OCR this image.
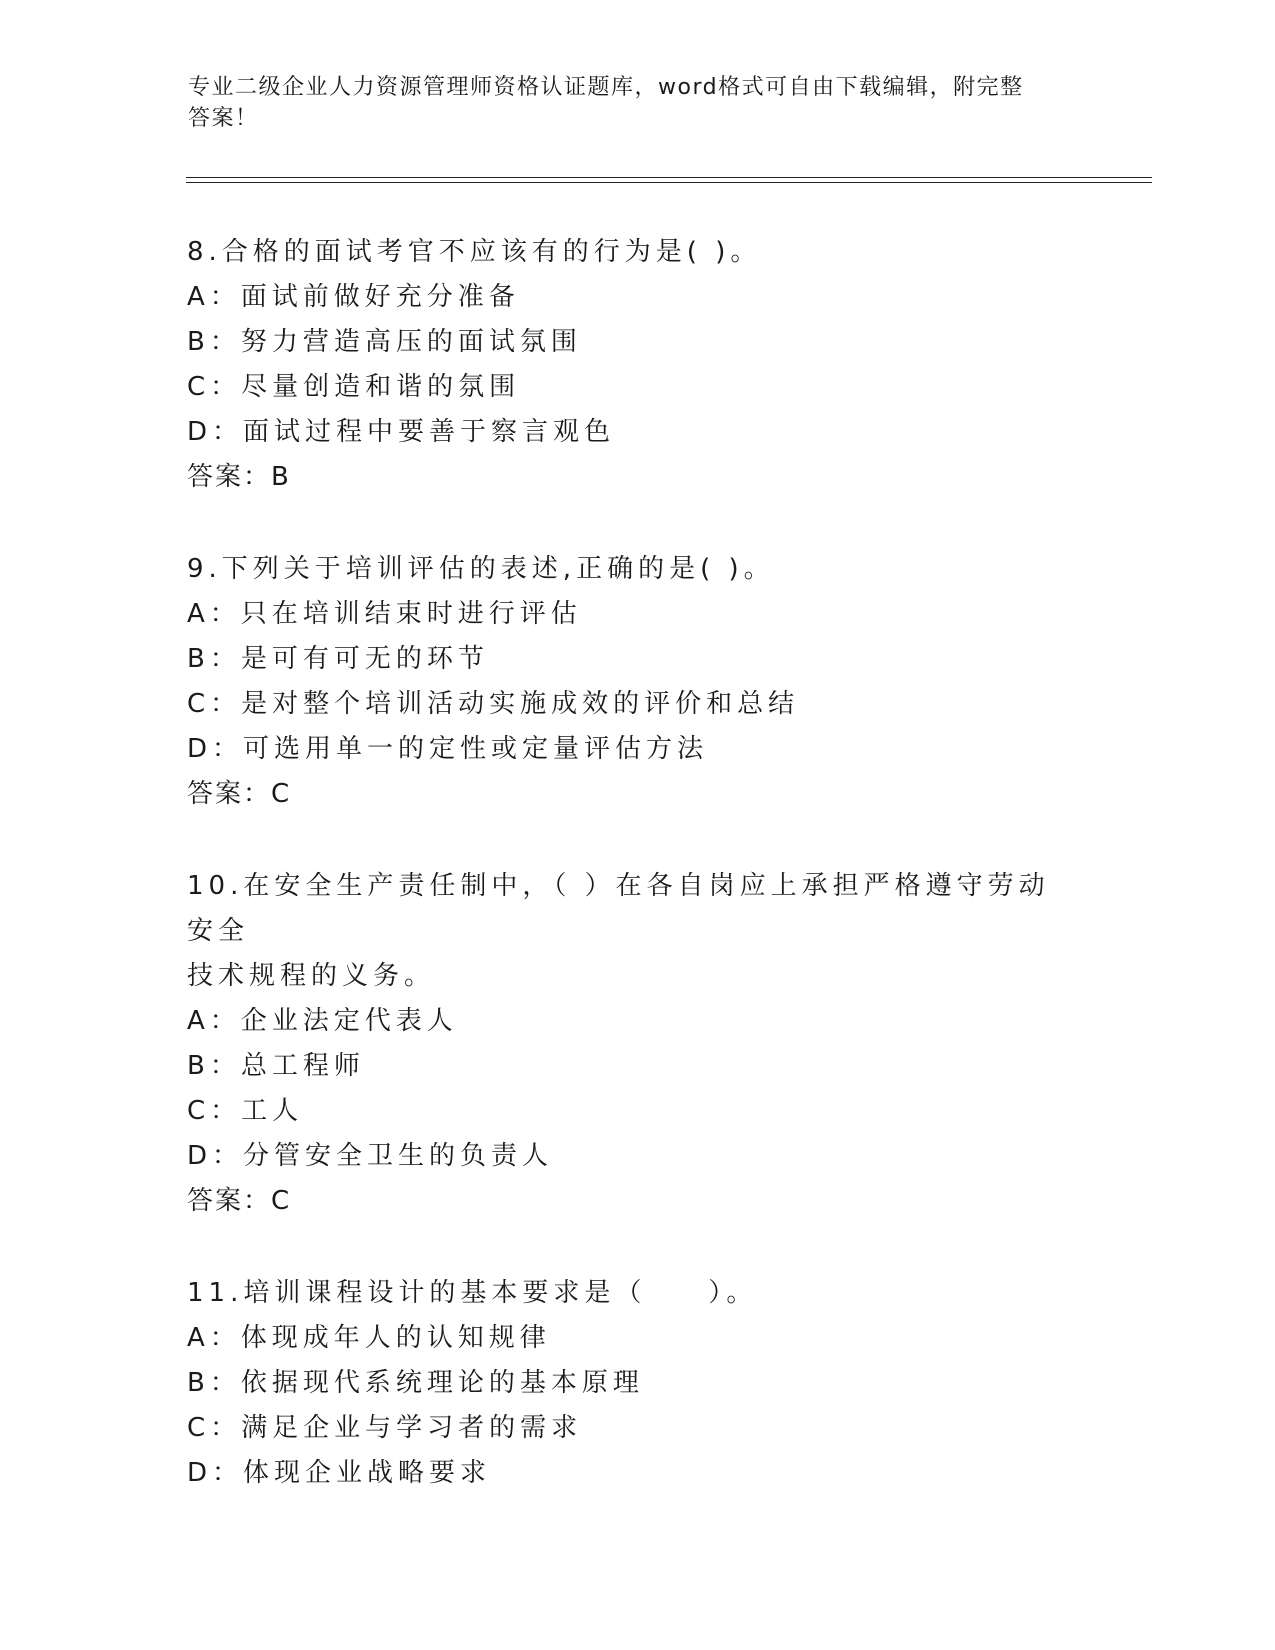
专业二级企业人力资源管理师资格认证题库，word格式可自由下载编辑，附完整
答案！

8.合格的面试考官不应该有的行为是( )。

A：面试前做好充分准备

B：努力营造高压的面试氛围

C：尽量创造和谐的氛围

D：面试过程中要善于察言观色

答案：B

9.下列关于培训评估的表述,正确的是( )。

A：只在培训结束时进行评估

B：是可有可无的环节

C：是对整个培训活动实施成效的评价和总结

D：可选用单一的定性或定量评估方法

答案：C

10.在安全生产责任制中，（ ）在各自岗应上承担严格遵守劳动安全

技术规程的义务。

A：企业法定代表人

B：总工程师

C：工人

D：分管安全卫生的负责人

答案：C

11.培训课程设计的基本要求是（　　）。

A：体现成年人的认知规律

B：依据现代系统理论的基本原理

C：满足企业与学习者的需求

D：体现企业战略要求
